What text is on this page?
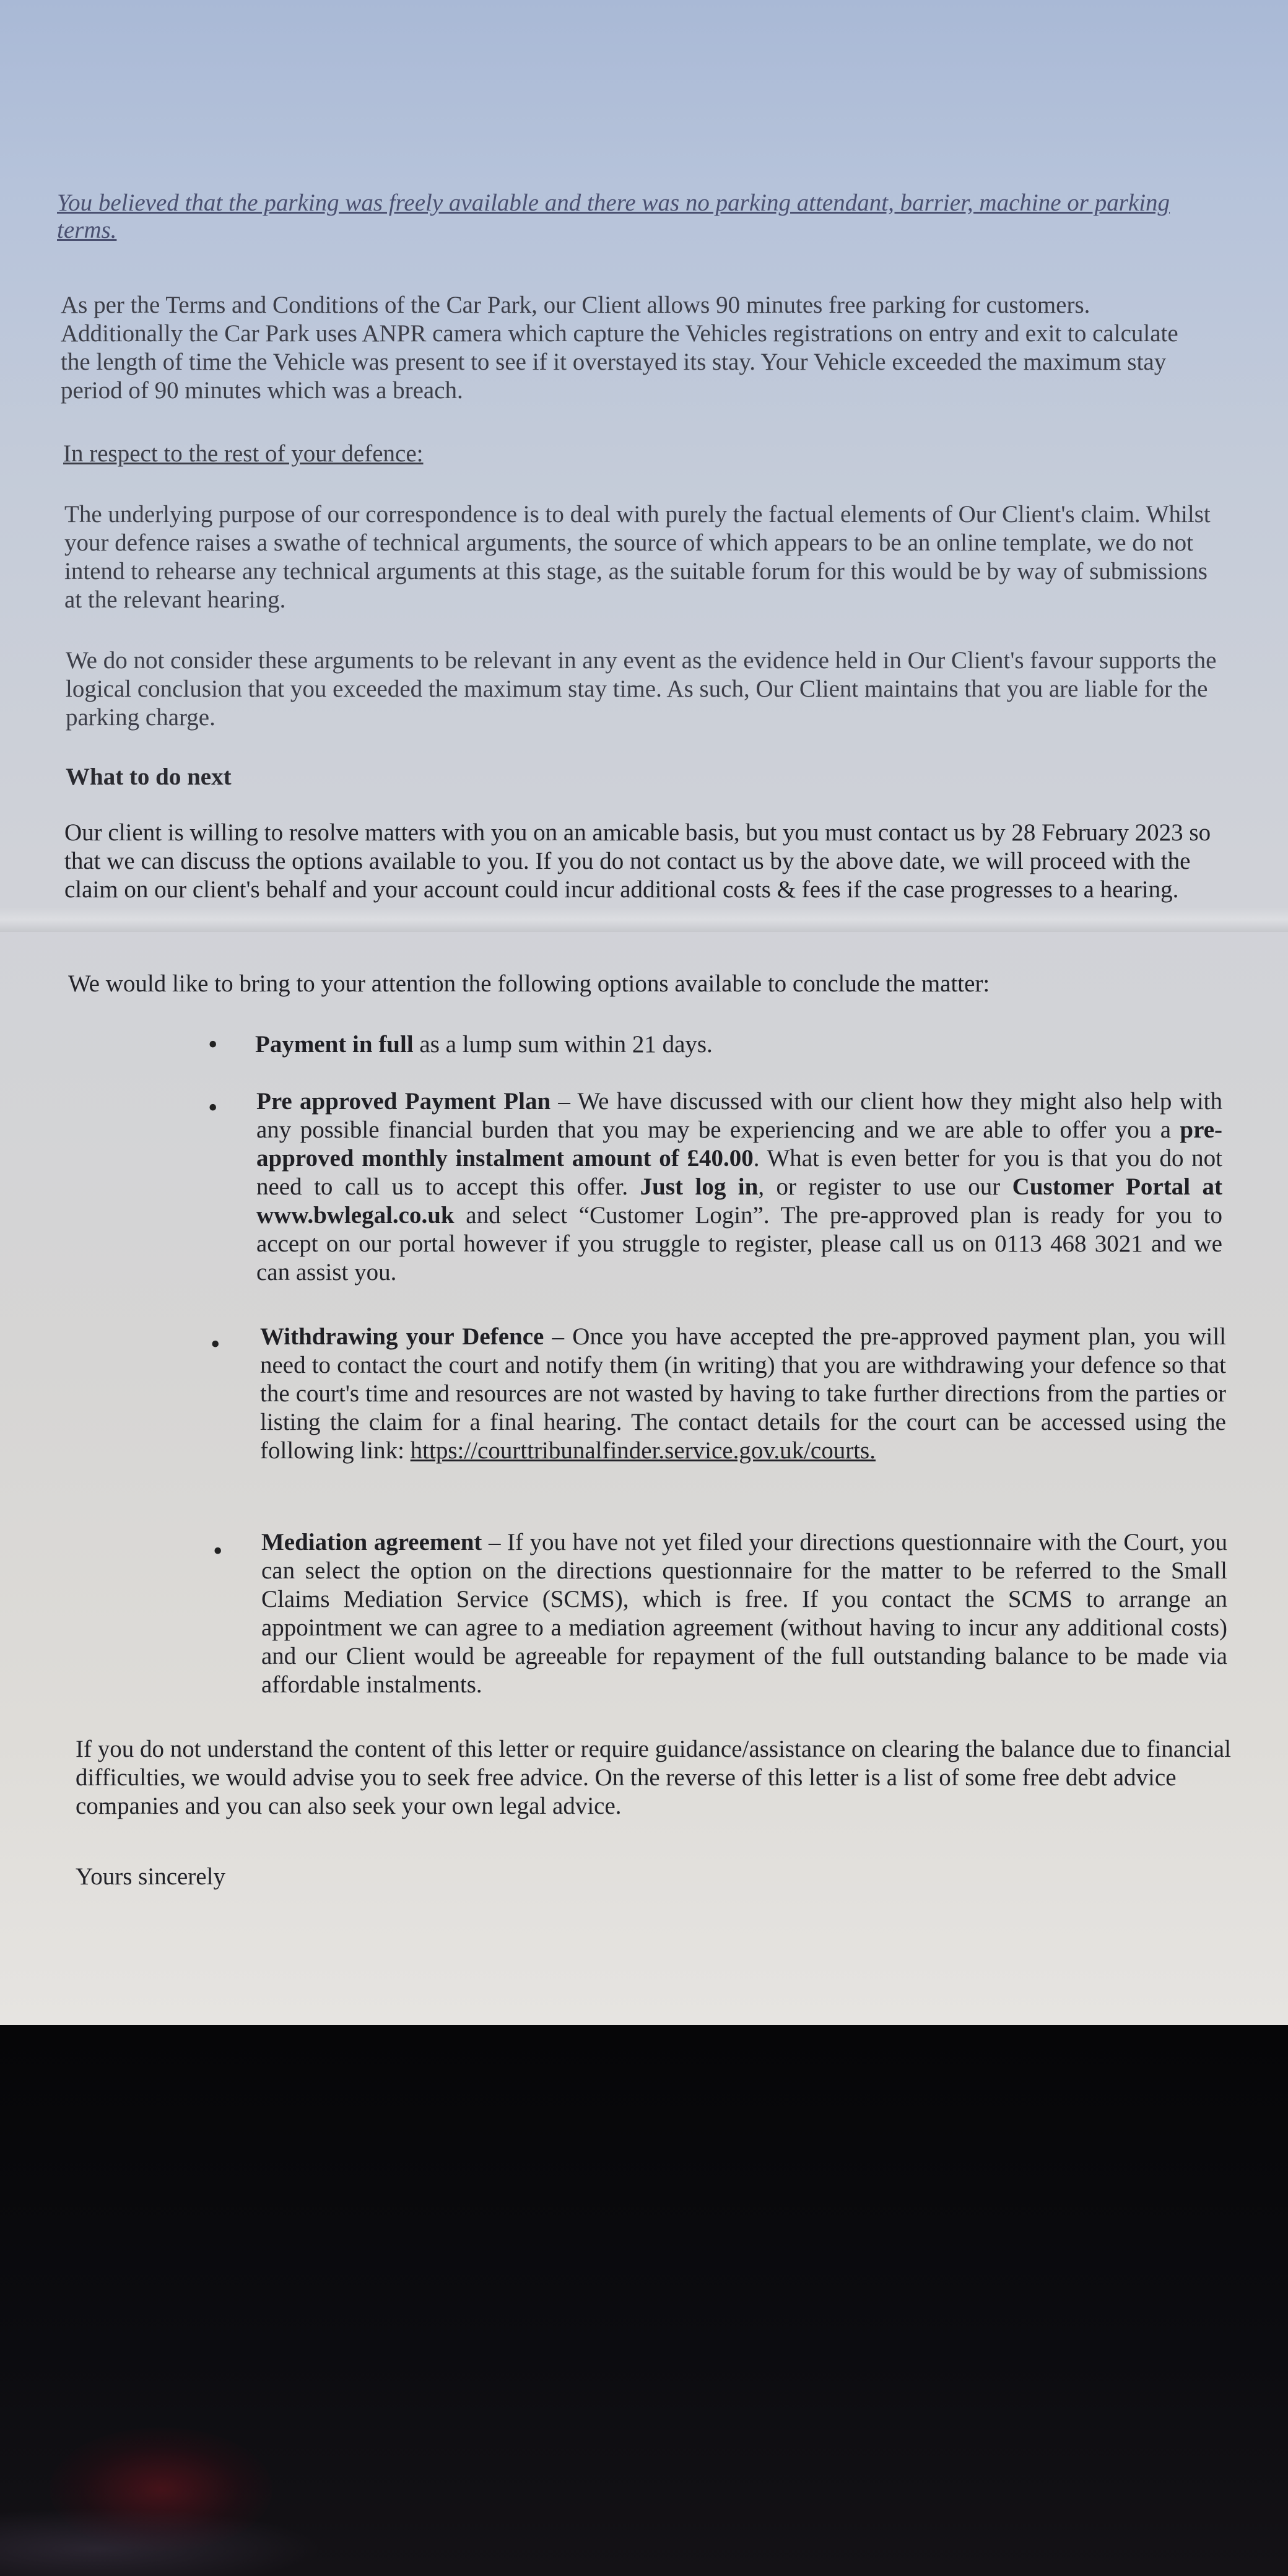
You believed that the parking was freely available and there was no parking attendant, barrier, machine or parking terms.

As per the Terms and Conditions of the Car Park, our Client allows 90 minutes free parking for customers. Additionally the Car Park uses ANPR camera which capture the Vehicles registrations on entry and exit to calculate the length of time the Vehicle was present to see if it overstayed its stay. Your Vehicle exceeded the maximum stay period of 90 minutes which was a breach.

In respect to the rest of your defence:

The underlying purpose of our correspondence is to deal with purely the factual elements of Our Client's claim. Whilst your defence raises a swathe of technical arguments, the source of which appears to be an online template, we do not intend to rehearse any technical arguments at this stage, as the suitable forum for this would be by way of submissions at the relevant hearing.

We do not consider these arguments to be relevant in any event as the evidence held in Our Client's favour supports the logical conclusion that you exceeded the maximum stay time. As such, Our Client maintains that you are liable for the parking charge.

What to do next

Our client is willing to resolve matters with you on an amicable basis, but you must contact us by 28 February 2023 so that we can discuss the options available to you. If you do not contact us by the above date, we will proceed with the claim on our client's behalf and your account could incur additional costs & fees if the case progresses to a hearing.

We would like to bring to your attention the following options available to conclude the matter:

• Payment in full as a lump sum within 21 days.

• Pre approved Payment Plan – We have discussed with our client how they might also help with any possible financial burden that you may be experiencing and we are able to offer you a pre-approved monthly instalment amount of £40.00. What is even better for you is that you do not need to call us to accept this offer. Just log in, or register to use our Customer Portal at www.bwlegal.co.uk and select “Customer Login”. The pre-approved plan is ready for you to accept on our portal however if you struggle to register, please call us on 0113 468 3021 and we can assist you.

• Withdrawing your Defence – Once you have accepted the pre-approved payment plan, you will need to contact the court and notify them (in writing) that you are withdrawing your defence so that the court's time and resources are not wasted by having to take further directions from the parties or listing the claim for a final hearing. The contact details for the court can be accessed using the following link: https://courttribunalfinder.service.gov.uk/courts.

• Mediation agreement – If you have not yet filed your directions questionnaire with the Court, you can select the option on the directions questionnaire for the matter to be referred to the Small Claims Mediation Service (SCMS), which is free. If you contact the SCMS to arrange an appointment we can agree to a mediation agreement (without having to incur any additional costs) and our Client would be agreeable for repayment of the full outstanding balance to be made via affordable instalments.

If you do not understand the content of this letter or require guidance/assistance on clearing the balance due to financial difficulties, we would advise you to seek free advice. On the reverse of this letter is a list of some free debt advice companies and you can also seek your own legal advice.

Yours sincerely
